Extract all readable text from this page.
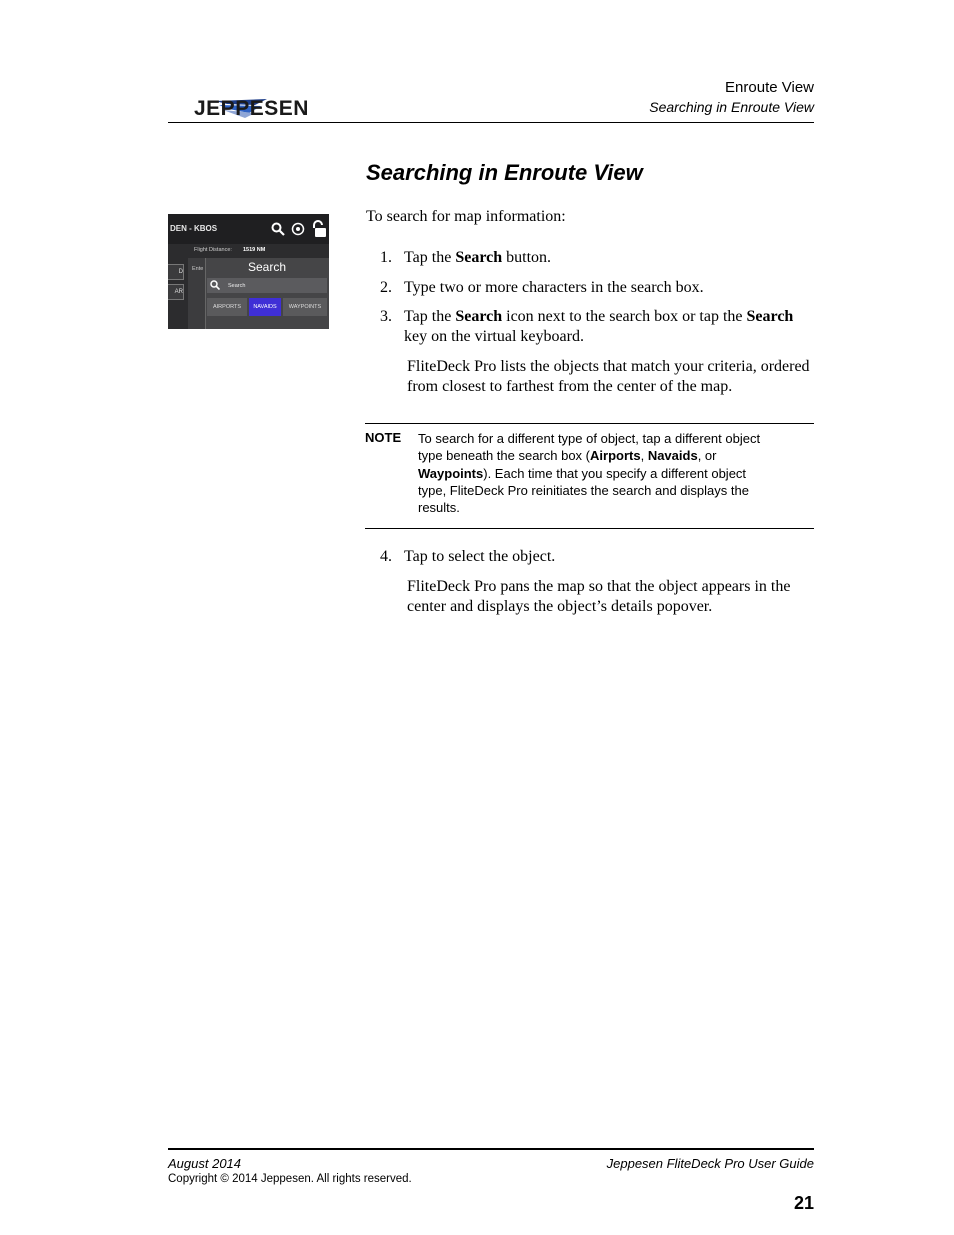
JEPPESEN
Enroute View
Searching in Enroute View
Searching in Enroute View
DEN - KBOS
Flight Distance: 1519 NM
D
AR
Ente	Search
Search
AIRPORTS	NAVAIDS	WAYPOINTS
To search for map information:
1. Tap the Search button.
2. Type two or more characters in the search box.
3. Tap the Search icon next to the search box or tap the Search key on the virtual keyboard.
FliteDeck Pro lists the objects that match your criteria, ordered from closest to farthest from the center of the map.
NOTE To search for a different type of object, tap a different object type beneath the search box (Airports, Navaids, or Waypoints). Each time that you specify a different object type, FliteDeck Pro reinitiates the search and displays the results.
4. Tap to select the object.
FliteDeck Pro pans the map so that the object appears in the center and displays the object’s details popover.
August 2014
Copyright © 2014 Jeppesen. All rights reserved.
Jeppesen FliteDeck Pro User Guide
21
